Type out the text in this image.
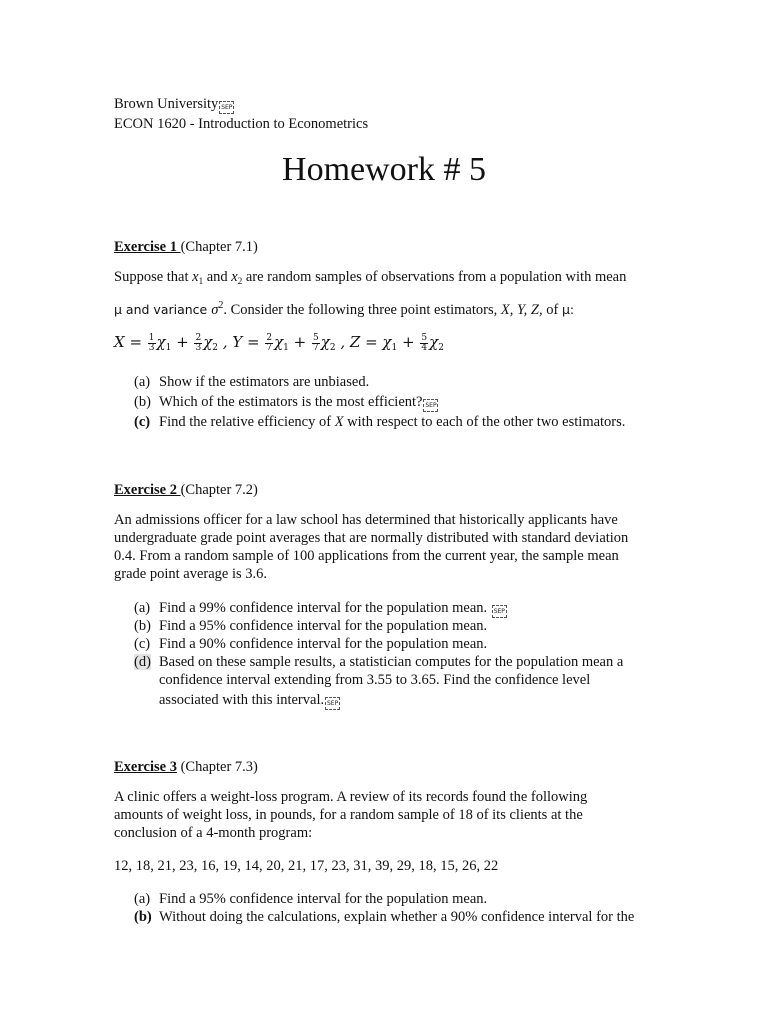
Brown University SEP
ECON 1620 - Introduction to Econometrics
Homework # 5
Exercise 1 (Chapter 7.1)
Suppose that $x_1$ and $x_2$ are random samples of observations from a population with mean
μ and variance $\sigma^2$. Consider the following three point estimators, X, Y, Z, of μ:
$X = \frac{1}{3} \chi_1 + \frac{2}{3} \chi_2$ , $Y = \frac{2}{7} \chi_1 + \frac{5}{7} \chi_2$ , $Z = \chi_1 + \frac{5}{4} \chi_2$
(a) Show if the estimators are unbiased.
(b) Which of the estimators is the most efficient? SEP
(c) Find the relative efficiency of X with respect to each of the other two estimators.
Exercise 2 (Chapter 7.2)
An admissions officer for a law school has determined that historically applicants have
undergraduate grade point averages that are normally distributed with standard deviation
0.4. From a random sample of 100 applications from the current year, the sample mean
grade point average is 3.6.
(a) Find a 99% confidence interval for the population mean. SEP
(b) Find a 95% confidence interval for the population mean.
(c) Find a 90% confidence interval for the population mean.
(d) Based on these sample results, a statistician computes for the population mean a
confidence interval extending from 3.55 to 3.65. Find the confidence level
associated with this interval. SEP
Exercise 3 (Chapter 7.3)
A clinic offers a weight-loss program. A review of its records found the following
amounts of weight loss, in pounds, for a random sample of 18 of its clients at the
conclusion of a 4-month program:
12, 18, 21, 23, 16, 19, 14, 20, 21, 17, 23, 31, 39, 29, 18, 15, 26, 22
(a) Find a 95% confidence interval for the population mean.
(b) Without doing the calculations, explain whether a 90% confidence interval for the
